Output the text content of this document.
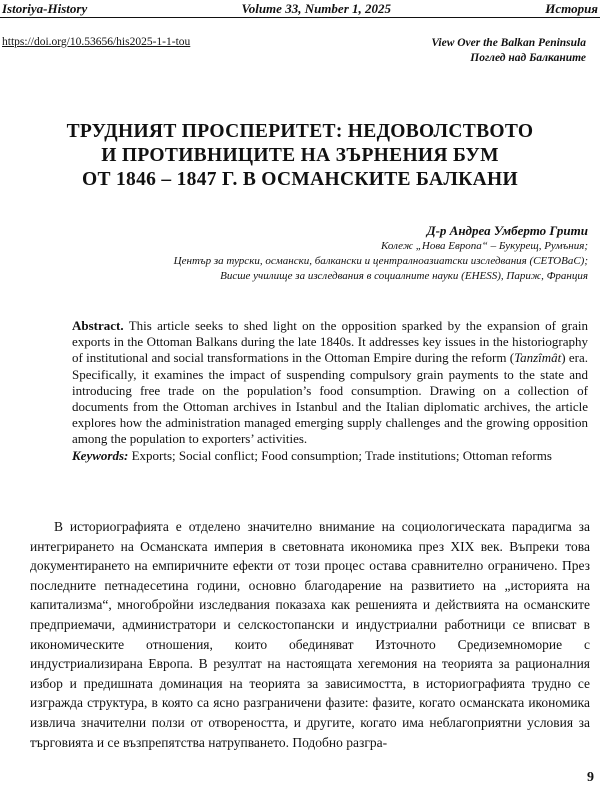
Istoriya-History	Volume 33, Number 1, 2025	История
https://doi.org/10.53656/his2025-1-1-tou	View Over the Balkan Peninsula
Поглед над Балканите
ТРУДНИЯТ ПРОСПЕРИТЕТ: НЕДОВОЛСТВОТО
И ПРОТИВНИЦИТЕ НА ЗЪРНЕНИЯ БУМ
ОТ 1846 – 1847 Г. В ОСМАНСКИТЕ БАЛКАНИ
Д-р Андреа Умберто Грити
Колеж „Нова Европа“ – Букурещ, Румъния;
Център за турски, османски, балкански и централноазиатски изследвания (CETOBaC);
Висше училище за изследвания в социалните науки (EHESS), Париж, Франция
Abstract. This article seeks to shed light on the opposition sparked by the expansion of grain exports in the Ottoman Balkans during the late 1840s. It addresses key issues in the historiography of institutional and social transformations in the Ottoman Empire during the reform (Tanzîmât) era. Specifically, it examines the impact of suspending compulsory grain payments to the state and introducing free trade on the population’s food consumption. Drawing on a collection of documents from the Ottoman archives in Istanbul and the Italian diplomatic archives, the article explores how the administration managed emerging supply challenges and the growing opposition among the population to exporters’ activities.
Keywords: Exports; Social conflict; Food consumption; Trade institutions; Ottoman reforms
В историографията е отделено значително внимание на социологическата парадигма за интегрирането на Османската империя в световната икономика през XIX век. Въпреки това документирането на емпиричните ефекти от този процес остава сравнително ограничено. През последните петнадесетина години, основно благодарение на развитието на „историята на капитализма“, многобройни изследвания показаха как решенията и действията на османските предприемачи, администратори и селскостопански и индустриални работници се вписват в икономическите отношения, които обединяват Източното Средиземноморие с индустриализирана Европа. В резултат на настоящата хегемония на теорията за рационалния избор и предишната доминация на теорията за зависимостта, в историографията трудно се изгражда структура, в която са ясно разграничени фазите: фазите, когато османската икономика извлича значителни ползи от отвореността, и другите, когато има неблагоприятни условия за търговията и се възпрепятства натрупването. Подобно разгра-
9
